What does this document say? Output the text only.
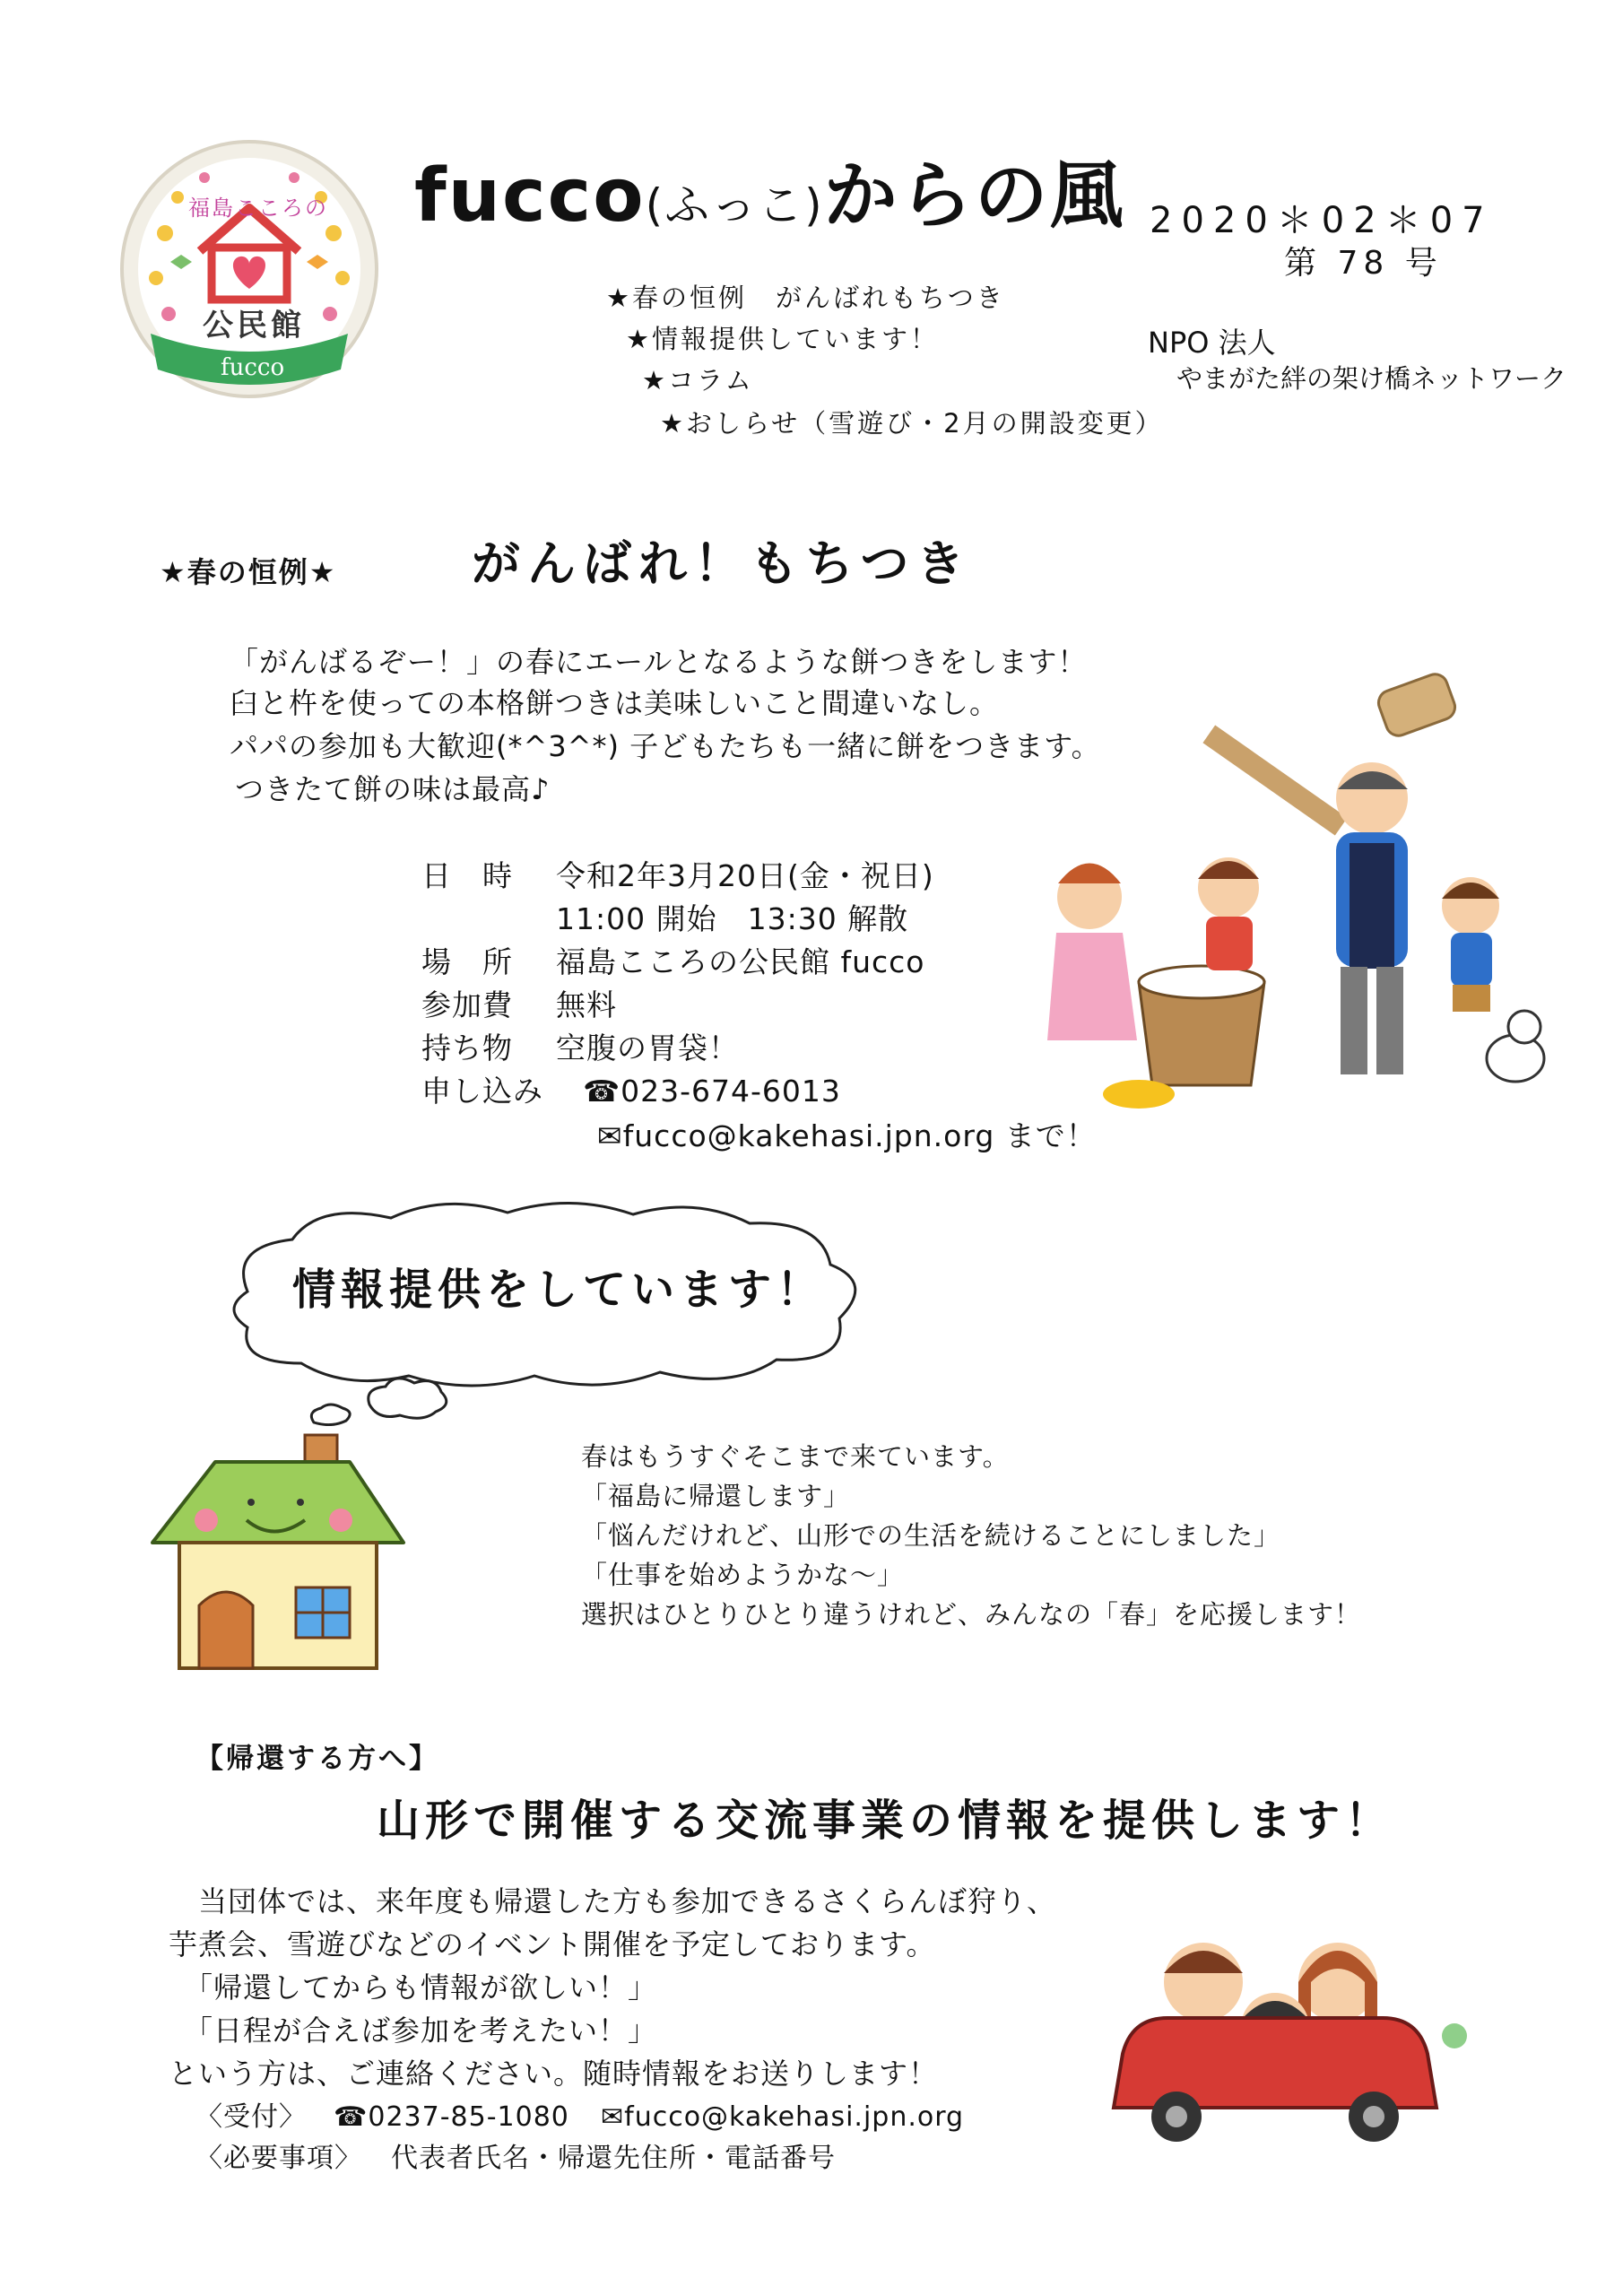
福島こころの
公民館
fucco
fucco(ふっこ)からの風 2020＊02＊07
第 78 号
★春の恒例　がんばれもちつき
★情報提供しています！
★コラム
★おしらせ（雪遊び・2月の開設変更）
NPO 法人
やまがた絆の架け橋ネットワーク
★春の恒例★	がんばれ！もちつき
「がんばるぞー！」の春にエールとなるような餅つきをします！
臼と杵を使っての本格餅つきは美味しいこと間違いなし。
パパの参加も大歓迎(*^3^*) 子どもたちも一緒に餅をつきます。
つきたて餅の味は最高♪
日　時 令和2年3月20日(金・祝日)
11:00 開始　13:30 解散
場　所 福島こころの公民館 fucco
参加費 無料
持ち物 空腹の胃袋！
申し込み ☎023-674-6013
✉fucco@kakehasi.jpn.org まで！
情報提供をしています！
春はもうすぐそこまで来ています。
「福島に帰還します」
「悩んだけれど、山形での生活を続けることにしました」
「仕事を始めようかな～」
選択はひとりひとり違うけれど、みんなの「春」を応援します！
【帰還する方へ】
山形で開催する交流事業の情報を提供します！
　当団体では、来年度も帰還した方も参加できるさくらんぼ狩り、
芋煮会、雪遊びなどのイベント開催を予定しております。
　「帰還してからも情報が欲しい！」
　「日程が合えば参加を考えたい！」
という方は、ご連絡ください。随時情報をお送りします！
〈受付〉 ☎0237-85-1080 ✉fucco@kakehasi.jpn.org
〈必要事項〉 代表者氏名・帰還先住所・電話番号
